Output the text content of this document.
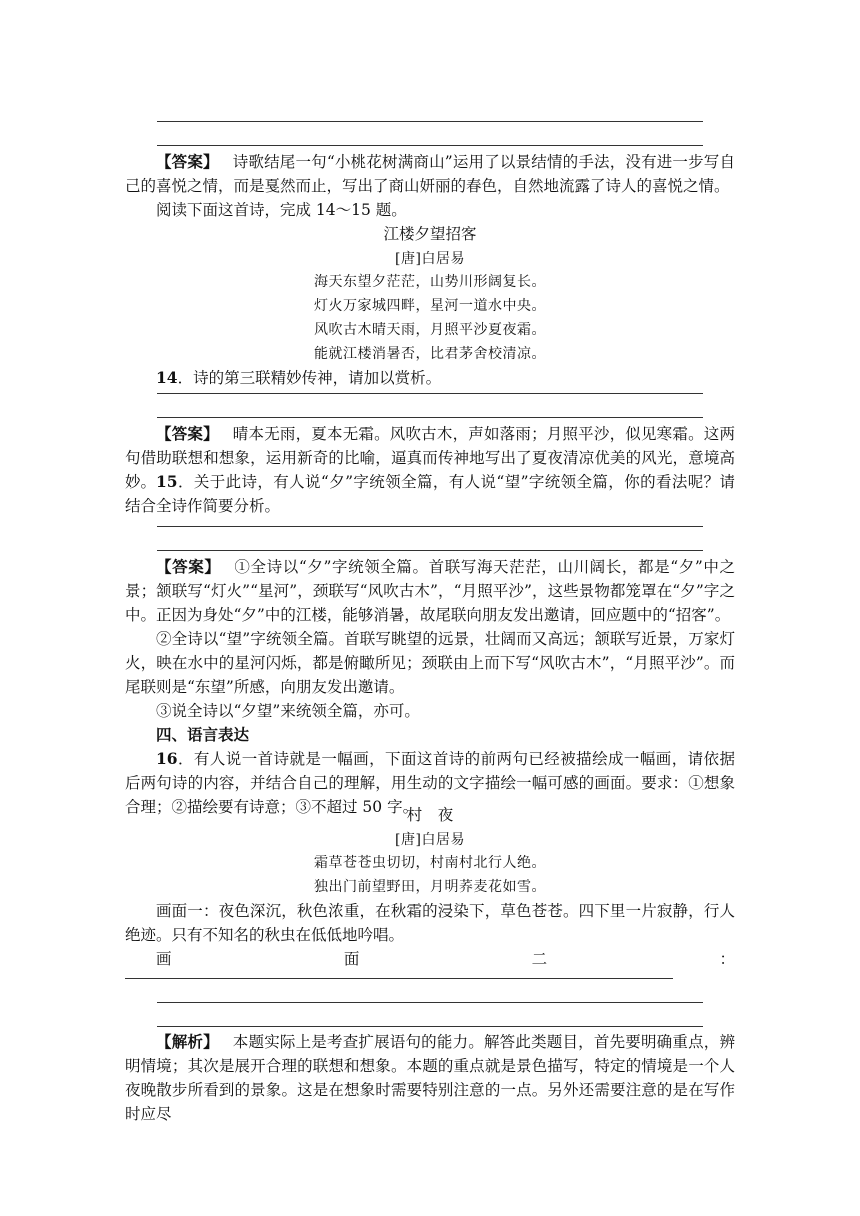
【答案】 诗歌结尾一句“小桃花树满商山”运用了以景结情的手法，没有进一步写自己的喜悦之情，而是戛然而止，写出了商山妍丽的春色，自然地流露了诗人的喜悦之情。

阅读下面这首诗，完成 14～15 题。

江楼夕望招客

[唐]白居易

海天东望夕茫茫，山势川形阔复长。

灯火万家城四畔，星河一道水中央。

风吹古木晴天雨，月照平沙夏夜霜。

能就江楼消暑否，比君茅舍校清凉。

14．诗的第三联精妙传神，请加以赏析。

【答案】 晴本无雨，夏本无霜。风吹古木，声如落雨；月照平沙，似见寒霜。这两句借助联想和想象，运用新奇的比喻，逼真而传神地写出了夏夜清凉优美的风光，意境高妙。 15．关于此诗，有人说“夕”字统领全篇，有人说“望”字统领全篇，你的看法呢？请结合全诗作简要分析。

【答案】 ①全诗以“夕”字统领全篇。首联写海天茫茫，山川阔长，都是“夕”中之景；颔联写“灯火”“星河”，颈联写“风吹古木”，“月照平沙”，这些景物都笼罩在“夕”字之中。正因为身处“夕”中的江楼，能够消暑，故尾联向朋友发出邀请，回应题中的“招客”。

②全诗以“望”字统领全篇。首联写眺望的远景，壮阔而又高远；颔联写近景，万家灯火，映在水中的星河闪烁，都是俯瞰所见；颈联由上而下写“风吹古木”，“月照平沙”。而尾联则是“东望”所感，向朋友发出邀请。

③说全诗以“夕望”来统领全篇，亦可。

四、语言表达

16．有人说一首诗就是一幅画，下面这首诗的前两句已经被描绘成一幅画，请依据后两句诗的内容，并结合自己的理解，用生动的文字描绘一幅可感的画面。要求：①想象合理；②描绘要有诗意；③不超过 50 字。

村　夜

[唐]白居易

霜草苍苍虫切切，村南村北行人绝。

独出门前望野田，月明荞麦花如雪。

画面一：夜色深沉，秋色浓重，在秋霜的浸染下，草色苍苍。四下里一片寂静，行人绝迹。只有不知名的秋虫在低低地吟唱。

画	面	二	：

【解析】 本题实际上是考查扩展语句的能力。解答此类题目，首先要明确重点，辨明情境；其次是展开合理的联想和想象。本题的重点就是景色描写，特定的情境是一个人夜晚散步所看到的景象。这是在想象时需要特别注意的一点。另外还需要注意的是在写作时应尽
